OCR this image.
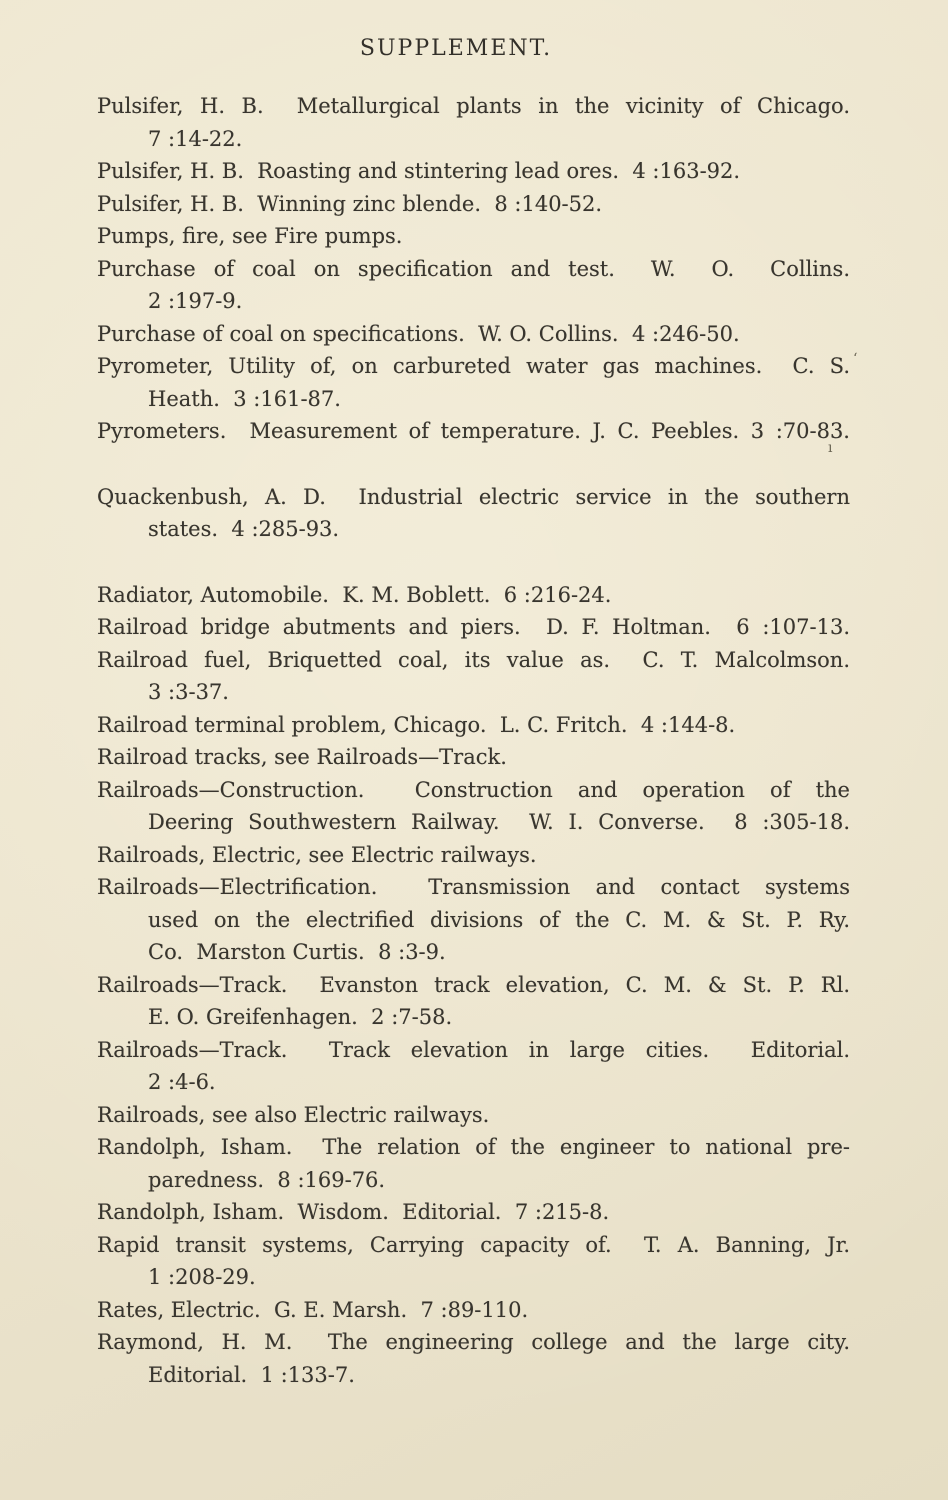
SUPPLEMENT.
‘
ı

Pulsifer, H. B.  Metallurgical plants in the vicinity of Chicago.
7 :14-22.

Pulsifer, H. B.  Roasting and stintering lead ores.  4 :163-92.

Pulsifer, H. B.  Winning zinc blende.  8 :140-52.

Pumps, fire, see Fire pumps.

Purchase of coal on specification and test.  W.  O.  Collins.
2 :197-9.

Purchase of coal on specifications.  W. O. Collins.  4 :246-50.

Pyrometer, Utility of, on carbureted water gas machines.  C. S.
Heath.  3 :161-87.

Pyrometers.  Measurement of temperature. J. C. Peebles. 3 :70-83.

Quackenbush, A. D.  Industrial electric service in the southern
states.  4 :285-93.

Radiator, Automobile.  K. M. Boblett.  6 :216-24.

Railroad bridge abutments and piers.  D. F. Holtman.  6 :107-13.

Railroad fuel, Briquetted coal, its value as.  C. T. Malcolmson.
3 :3-37.

Railroad terminal problem, Chicago.  L. C. Fritch.  4 :144-8.

Railroad tracks, see Railroads—Track.

Railroads—Construction.  Construction and operation of the
Deering Southwestern Railway.  W. I. Converse.  8 :305-18.

Railroads, Electric, see Electric railways.

Railroads—Electrification.  Transmission and contact systems
used on the electrified divisions of the C. M. & St. P. Ry.
Co.  Marston Curtis.  8 :3-9.

Railroads—Track.  Evanston track elevation, C. M. & St. P. Rl.
E. O. Greifenhagen.  2 :7-58.

Railroads—Track.  Track elevation in large cities.  Editorial.
2 :4-6.

Railroads, see also Electric railways.

Randolph, Isham.  The relation of the engineer to national pre-
paredness.  8 :169-76.

Randolph, Isham.  Wisdom.  Editorial.  7 :215-8.

Rapid transit systems, Carrying capacity of.  T. A. Banning, Jr.
1 :208-29.

Rates, Electric.  G. E. Marsh.  7 :89-110.

Raymond, H. M.  The engineering college and the large city.
Editorial.  1 :133-7.
